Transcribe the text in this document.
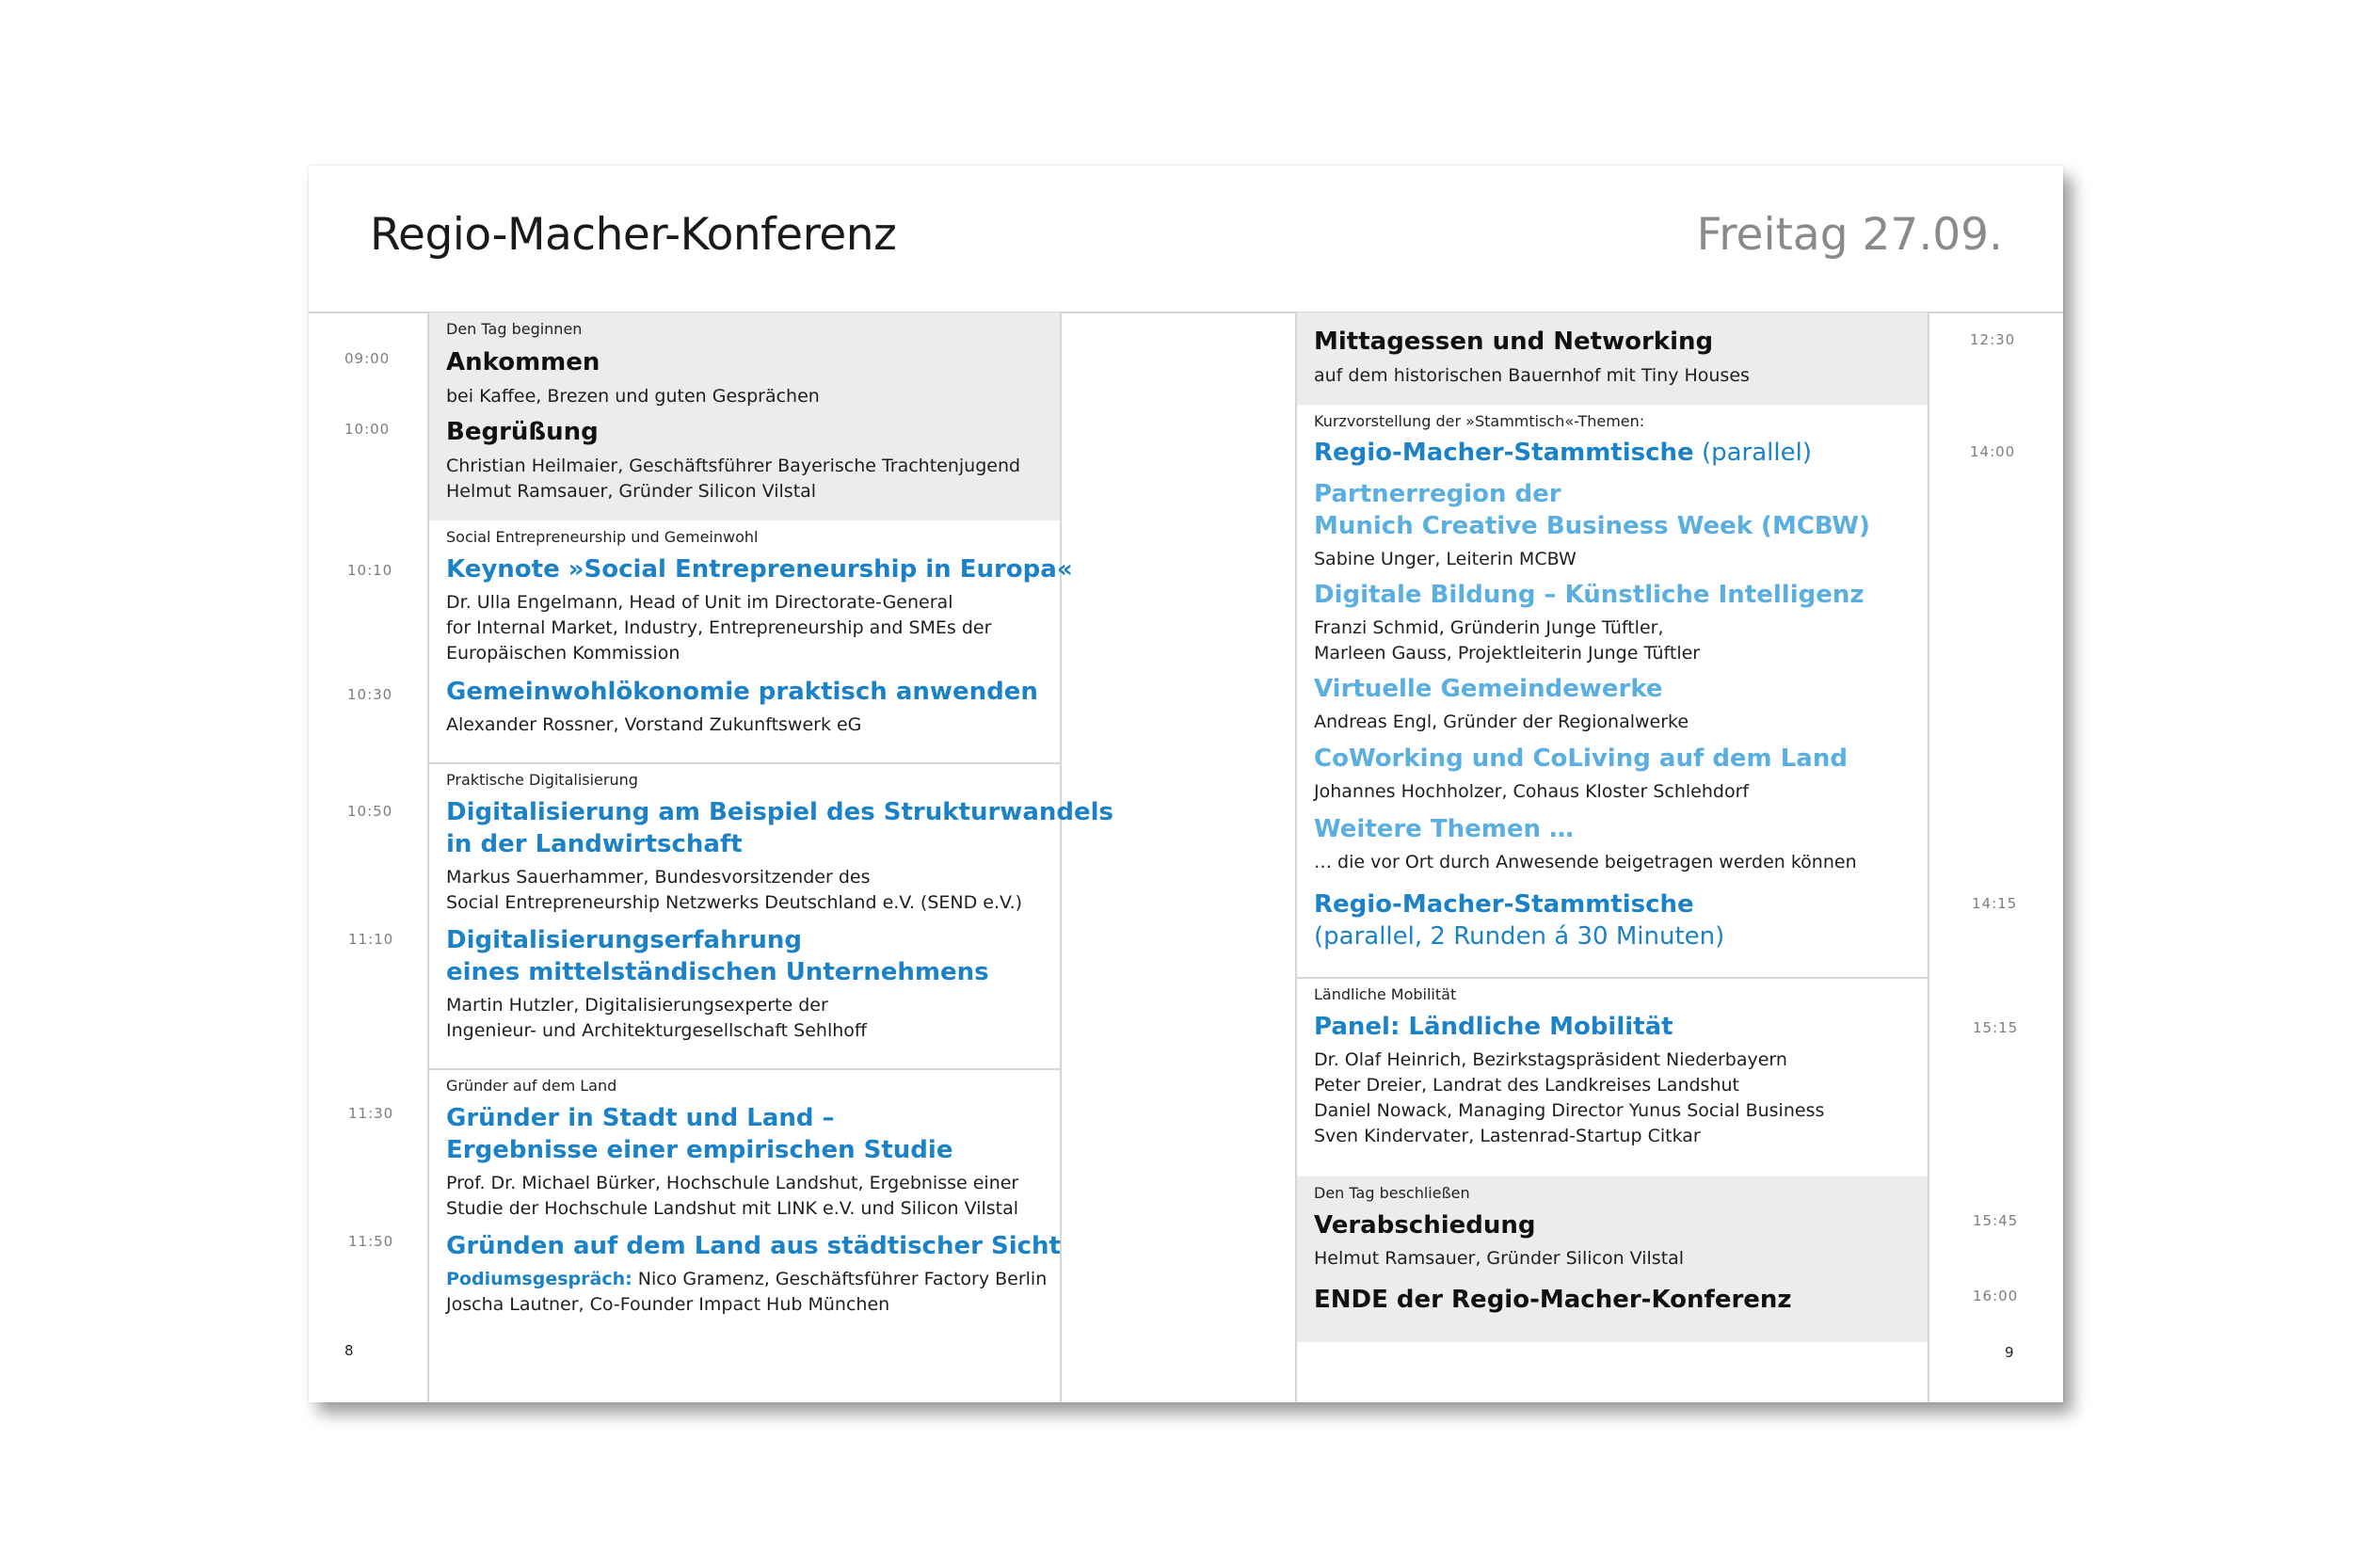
Regio-Macher-Konferenz	Freitag 27.09.
09:00
10:00
10:10
10:30
10:50
11:10
11:30
11:50
8
Den Tag beginnen
Ankommen
bei Kaffee, Brezen und guten Gesprächen
Begrüßung
Christian Heilmaier, Geschäftsführer Bayerische Trachtenjugend
Helmut Ramsauer, Gründer Silicon Vilstal
Social Entrepreneurship und Gemeinwohl
Keynote »Social Entrepreneurship in Europa«
Dr. Ulla Engelmann, Head of Unit im Directorate-General
for Internal Market, Industry, Entrepreneurship and SMEs der
Europäischen Kommission
Gemeinwohlökonomie praktisch anwenden
Alexander Rossner, Vorstand Zukunftswerk eG
Praktische Digitalisierung
Digitalisierung am Beispiel des Strukturwandels
in der Landwirtschaft
Markus Sauerhammer, Bundesvorsitzender des
Social Entrepreneurship Netzwerks Deutschland e.V. (SEND e.V.)
Digitalisierungserfahrung
eines mittelständischen Unternehmens
Martin Hutzler, Digitalisierungsexperte der
Ingenieur- und Architekturgesellschaft Sehlhoff
Gründer auf dem Land
Gründer in Stadt und Land –
Ergebnisse einer empirischen Studie
Prof. Dr. Michael Bürker, Hochschule Landshut, Ergebnisse einer
Studie der Hochschule Landshut mit LINK e.V. und Silicon Vilstal
Gründen auf dem Land aus städtischer Sicht
Podiumsgespräch: Nico Gramenz, Geschäftsführer Factory Berlin
Joscha Lautner, Co-Founder Impact Hub München
Mittagessen und Networking
auf dem historischen Bauernhof mit Tiny Houses
Kurzvorstellung der »Stammtisch«-Themen:
Regio-Macher-Stammtische (parallel)
Partnerregion der
Munich Creative Business Week (MCBW)
Sabine Unger, Leiterin MCBW
Digitale Bildung – Künstliche Intelligenz
Franzi Schmid, Gründerin Junge Tüftler,
Marleen Gauss, Projektleiterin Junge Tüftler
Virtuelle Gemeindewerke
Andreas Engl, Gründer der Regionalwerke
CoWorking und CoLiving auf dem Land
Johannes Hochholzer, Cohaus Kloster Schlehdorf
Weitere Themen …
… die vor Ort durch Anwesende beigetragen werden können
Regio-Macher-Stammtische
(parallel, 2 Runden á 30 Minuten)
Ländliche Mobilität
Panel: Ländliche Mobilität
Dr. Olaf Heinrich, Bezirkstagspräsident Niederbayern
Peter Dreier, Landrat des Landkreises Landshut
Daniel Nowack, Managing Director Yunus Social Business
Sven Kindervater, Lastenrad-Startup Citkar
Den Tag beschließen
Verabschiedung
Helmut Ramsauer, Gründer Silicon Vilstal
ENDE der Regio-Macher-Konferenz
12:30
14:00
14:15
15:15
15:45
16:00
9
